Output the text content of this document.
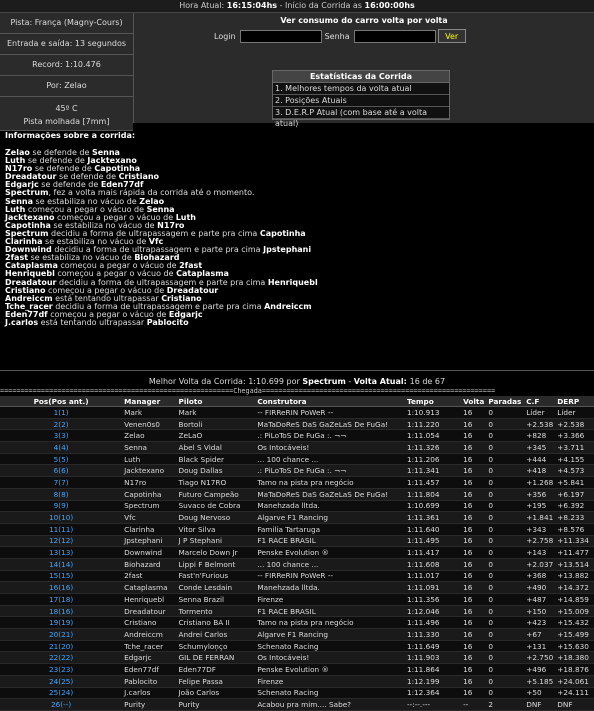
Hora Atual: 16:15:04hs - Início da Corrida as 16:00:00hs
Pista: França (Magny-Cours)
Entrada e saída: 13 segundos
Record: 1:10.476
Por: Zelao
45º C
Pista molhada [7mm]
Ver consumo do carro volta por volta
Login	Senha	Ver
Estatísticas da Corrida
1. Melhores tempos da volta atual
2. Posições Atuais
3. D.E.R.P Atual (com base até a volta atual)
Informações sobre a corrida:
Zelao se defende de Senna
Luth se defende de Jacktexano
N17ro se defende de Capotinha
Dreadatour se defende de Cristiano
Edgarjc se defende de Eden77df
Spectrum, fez a volta mais rápida da corrida até o momento.
Senna se estabiliza no vácuo de Zelao
Luth começou a pegar o vácuo de Senna
Jacktexano começou a pegar o vácuo de Luth
Capotinha se estabiliza no vácuo de N17ro
Spectrum decidiu a forma de ultrapassagem e parte pra cima Capotinha
Clarinha se estabiliza no vácuo de Vfc
Downwind decidiu a forma de ultrapassagem e parte pra cima Jpstephani
2fast se estabiliza no vácuo de Biohazard
Cataplasma começou a pegar o vácuo de 2fast
Henriquebl começou a pegar o vácuo de Cataplasma
Dreadatour decidiu a forma de ultrapassagem e parte pra cima Henriquebl
Cristiano começou a pegar o vácuo de Dreadatour
Andreiccm está tentando ultrapassar Cristiano
Tche_racer decidiu a forma de ultrapassagem e parte pra cima Andreiccm
Eden77df começou a pegar o vácuo de Edgarjc
J.carlos está tentando ultrapassar Pablocito
Melhor Volta da Corrida: 1:10.699 por Spectrum - Volta Atual: 16 de 67
=========================================================Chegada=========================================================
Pos(Pos ant.)	Manager	Piloto	Construtora	Tempo	Volta	Paradas	C.F	DERP
1(1)	Mark	Mark	-- FIRReRIN PoWeR --	1:10.913	16	0	Líder	Líder
2(2)	Venen0s0	Bortoli	MaTaDoReS DaS GaZeLaS De FuGa!	1:11.220	16	0	+2.538	+2.538
3(3)	Zelao	ZeLaO	.: PiLoToS De FuGa :. ¬¬	1:11.054	16	0	+828	+3.366
4(4)	Senna	Abel S Vidal	Os Intocáveis!	1:11.326	16	0	+345	+3.711
5(5)	Luth	Black Spider	... 100 chance ...	1:11.206	16	0	+444	+4.155
6(6)	Jacktexano	Doug Dallas	.: PiLoToS De FuGa :. ¬¬	1:11.341	16	0	+418	+4.573
7(7)	N17ro	Tiago N17RO	Tamo na pista pra negócio	1:11.457	16	0	+1.268	+5.841
8(8)	Capotinha	Futuro Campeão	MaTaDoReS DaS GaZeLaS De FuGa!	1:11.804	16	0	+356	+6.197
9(9)	Spectrum	Suvaco de Cobra	Manehzada lltda.	1:10.699	16	0	+195	+6.392
10(10)	Vfc	Doug Nervoso	Algarve F1 Rancing	1:11.361	16	0	+1.841	+8.233
11(11)	Clarinha	Vitor Silva	Familia Tartaruga	1:11.640	16	0	+343	+8.576
12(12)	Jpstephani	J P Stephani	F1 RACE BRASIL	1:11.495	16	0	+2.758	+11.334
13(13)	Downwind	Marcelo Down Jr	Penske Evolution ®	1:11.417	16	0	+143	+11.477
14(14)	Biohazard	Lippi F Belmont	... 100 chance ...	1:11.608	16	0	+2.037	+13.514
15(15)	2fast	Fast'n'Furious	-- FIRReRIN PoWeR --	1:11.017	16	0	+368	+13.882
16(16)	Cataplasma	Conde Lesdain	Manehzada lltda.	1:11.091	16	0	+490	+14.372
17(18)	Henriquebl	Senna Brazil	Firenze	1:11.356	16	0	+487	+14.859
18(16)	Dreadatour	Tormento	F1 RACE BRASIL	1:12.046	16	0	+150	+15.009
19(19)	Cristiano	Cristiano BA II	Tamo na pista pra negócio	1:11.496	16	0	+423	+15.432
20(21)	Andreiccm	Andrei Carlos	Algarve F1 Rancing	1:11.330	16	0	+67	+15.499
21(20)	Tche_racer	Schumyloņço	Schenato Racing	1:11.649	16	0	+131	+15.630
22(22)	Edgarjc	GIL DE FERRAN	Os Intocáveis!	1:11.903	16	0	+2.750	+18.380
23(23)	Eden77df	Eden77DF	Penske Evolution ®	1:11.864	16	0	+496	+18.876
24(25)	Pablocito	Felipe Passa	Firenze	1:12.199	16	0	+5.185	+24.061
25(24)	J.carlos	João Carlos	Schenato Racing	1:12.364	16	0	+50	+24.111
26(--)	Purity	Purity	Acabou pra mim.... Sabe?	--:--.---	--	2	DNF	DNF
